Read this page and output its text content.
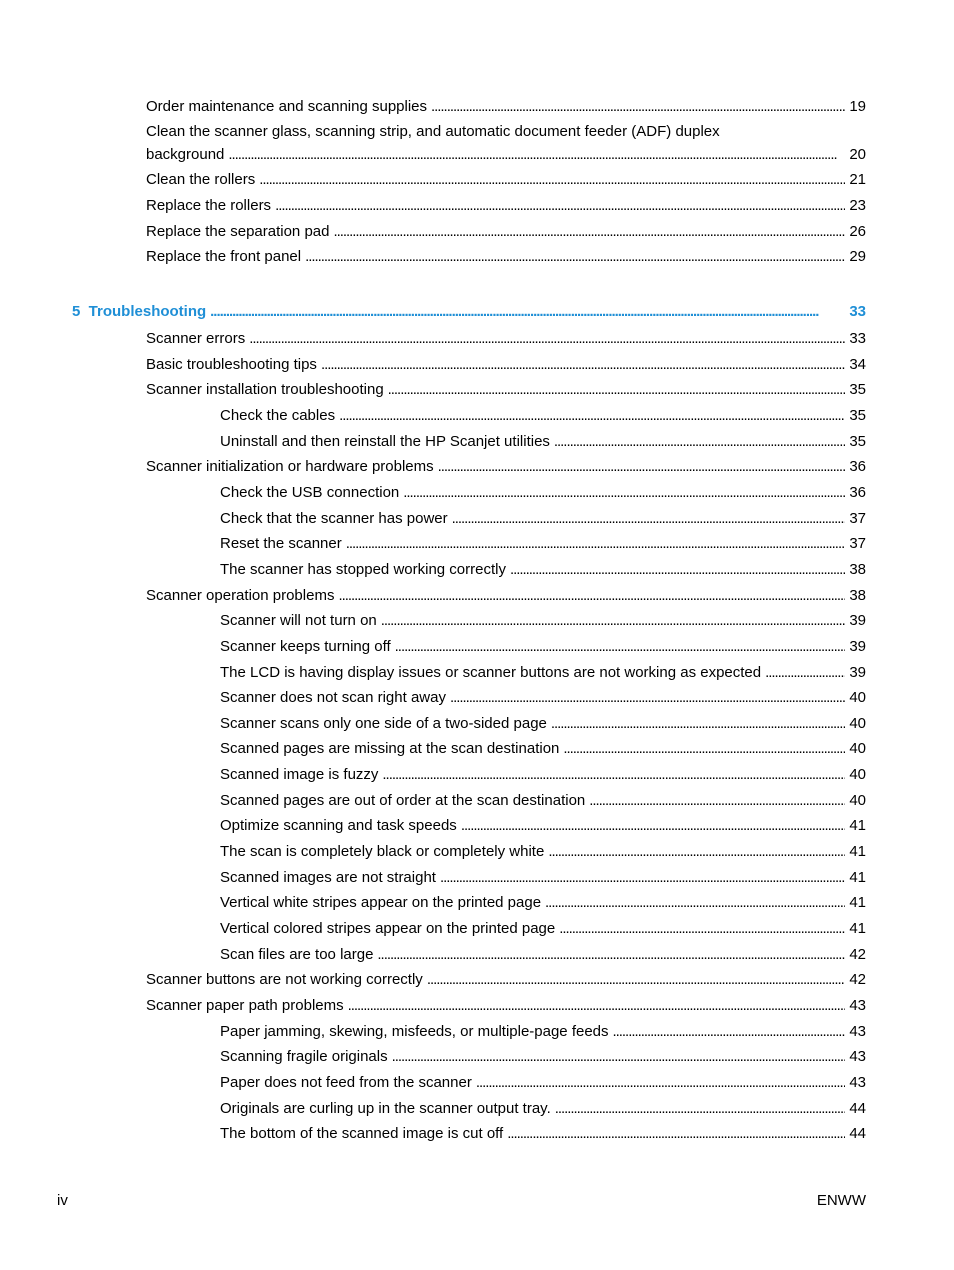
Order maintenance and scanning supplies . . .	19
Clean the scanner glass, scanning strip, and automatic document feeder (ADF) duplex
background . . .	20
Clean the rollers . . .	21
Replace the rollers . . .	23
Replace the separation pad . . .	26
Replace the front panel . . .	29
5  Troubleshooting . . .	33
Scanner errors . . .	33
Basic troubleshooting tips . . .	34
Scanner installation troubleshooting . . .	35
Check the cables . . .	35
Uninstall and then reinstall the HP Scanjet utilities . . .	35
Scanner initialization or hardware problems . . .	36
Check the USB connection . . .	36
Check that the scanner has power . . .	37
Reset the scanner . . .	37
The scanner has stopped working correctly . . .	38
Scanner operation problems . . .	38
Scanner will not turn on . . .	39
Scanner keeps turning off . . .	39
The LCD is having display issues or scanner buttons are not working as expected . . .	39
Scanner does not scan right away . . .	40
Scanner scans only one side of a two-sided page . . .	40
Scanned pages are missing at the scan destination . . .	40
Scanned image is fuzzy . . .	40
Scanned pages are out of order at the scan destination . . .	40
Optimize scanning and task speeds . . .	41
The scan is completely black or completely white . . .	41
Scanned images are not straight . . .	41
Vertical white stripes appear on the printed page . . .	41
Vertical colored stripes appear on the printed page . . .	41
Scan files are too large . . .	42
Scanner buttons are not working correctly . . .	42
Scanner paper path problems . . .	43
Paper jamming, skewing, misfeeds, or multiple-page feeds . . .	43
Scanning fragile originals . . .	43
Paper does not feed from the scanner . . .	43
Originals are curling up in the scanner output tray. . . .	44
The bottom of the scanned image is cut off . . .	44
iv	ENWW
